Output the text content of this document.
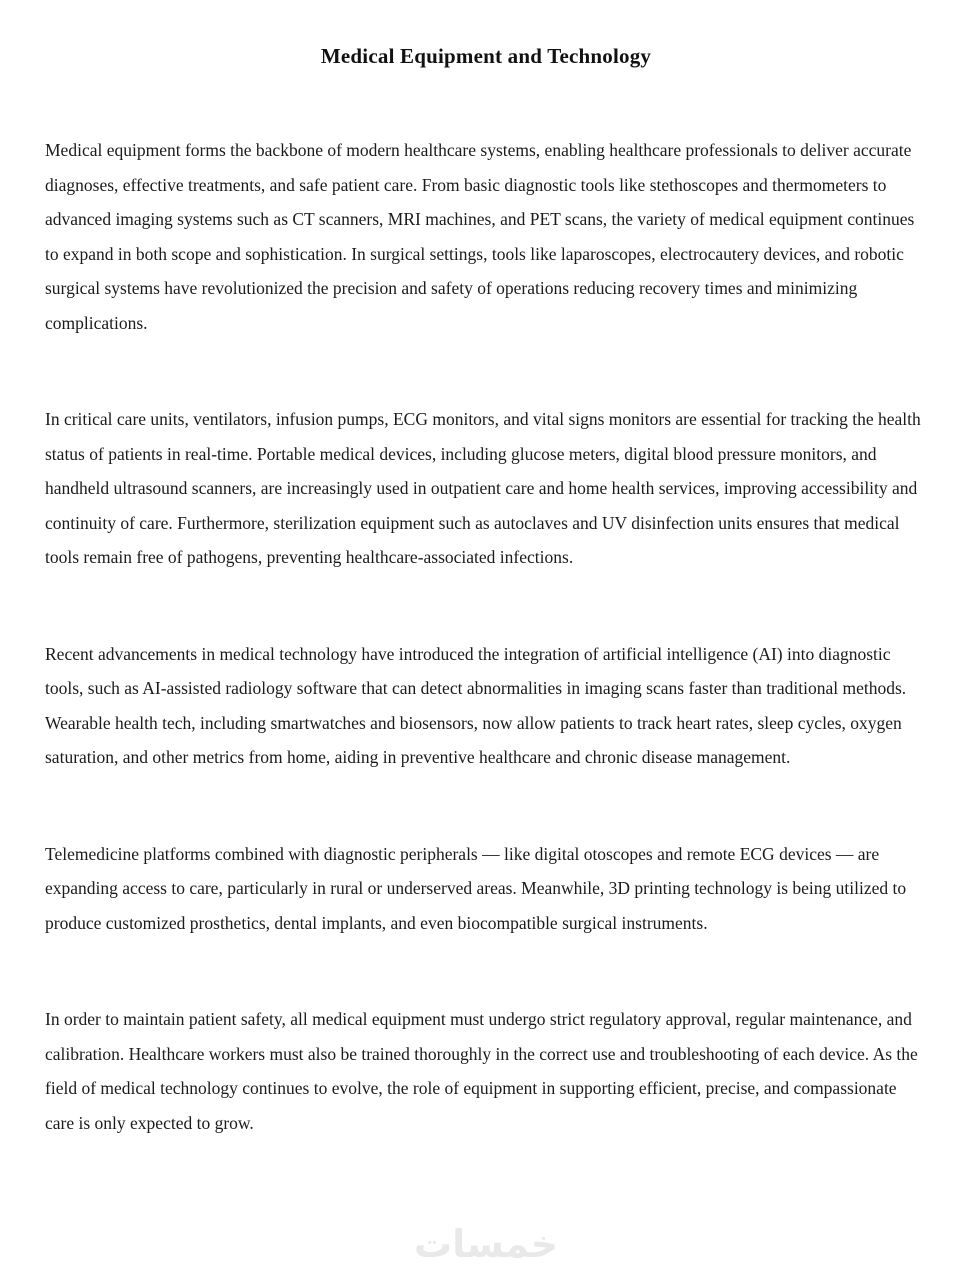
Medical Equipment and Technology

Medical equipment forms the backbone of modern healthcare systems, enabling healthcare professionals to deliver accurate diagnoses, effective treatments, and safe patient care. From basic diagnostic tools like stethoscopes and thermometers to advanced imaging systems such as CT scanners, MRI machines, and PET scans, the variety of medical equipment continues to expand in both scope and sophistication. In surgical settings, tools like laparoscopes, electrocautery devices, and robotic surgical systems have revolutionized the precision and safety of operations reducing recovery times and minimizing complications.

In critical care units, ventilators, infusion pumps, ECG monitors, and vital signs monitors are essential for tracking the health status of patients in real-time. Portable medical devices, including glucose meters, digital blood pressure monitors, and handheld ultrasound scanners, are increasingly used in outpatient care and home health services, improving accessibility and continuity of care. Furthermore, sterilization equipment such as autoclaves and UV disinfection units ensures that medical tools remain free of pathogens, preventing healthcare-associated infections.

Recent advancements in medical technology have introduced the integration of artificial intelligence (AI) into diagnostic tools, such as AI-assisted radiology software that can detect abnormalities in imaging scans faster than traditional methods. Wearable health tech, including smartwatches and biosensors, now allow patients to track heart rates, sleep cycles, oxygen saturation, and other metrics from home, aiding in preventive healthcare and chronic disease management.

Telemedicine platforms combined with diagnostic peripherals — like digital otoscopes and remote ECG devices — are expanding access to care, particularly in rural or underserved areas. Meanwhile, 3D printing technology is being utilized to produce customized prosthetics, dental implants, and even biocompatible surgical instruments.

In order to maintain patient safety, all medical equipment must undergo strict regulatory approval, regular maintenance, and calibration. Healthcare workers must also be trained thoroughly in the correct use and troubleshooting of each device. As the field of medical technology continues to evolve, the role of equipment in supporting efficient, precise, and compassionate care is only expected to grow.

خمسات
